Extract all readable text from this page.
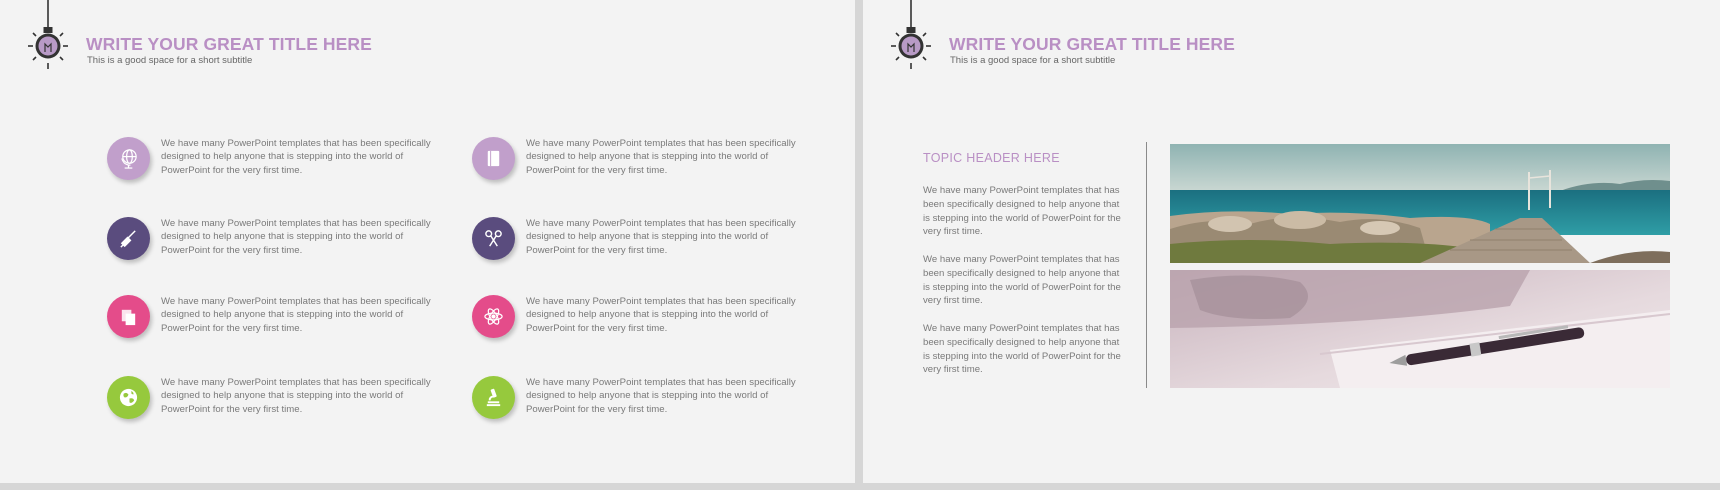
WRITE YOUR GREAT TITLE HERE
This is a good space for a short subtitle
We have many PowerPoint templates that has been specifically designed to help anyone that is stepping into the world of PowerPoint for the very first time.
We have many PowerPoint templates that has been specifically designed to help anyone that is stepping into the world of PowerPoint for the very first time.
We have many PowerPoint templates that has been specifically designed to help anyone that is stepping into the world of PowerPoint for the very first time.
We have many PowerPoint templates that has been specifically designed to help anyone that is stepping into the world of PowerPoint for the very first time.
We have many PowerPoint templates that has been specifically designed to help anyone that is stepping into the world of PowerPoint for the very first time.
We have many PowerPoint templates that has been specifically designed to help anyone that is stepping into the world of PowerPoint for the very first time.
We have many PowerPoint templates that has been specifically designed to help anyone that is stepping into the world of PowerPoint for the very first time.
We have many PowerPoint templates that has been specifically designed to help anyone that is stepping into the world of PowerPoint for the very first time.
WRITE YOUR GREAT TITLE HERE
This is a good space for a short subtitle
TOPIC HEADER HERE
We have many PowerPoint templates that has been specifically designed to help anyone that is stepping into the world of PowerPoint for the very first time.
We have many PowerPoint templates that has been specifically designed to help anyone that is stepping into the world of PowerPoint for the very first time.
We have many PowerPoint templates that has been specifically designed to help anyone that is stepping into the world of PowerPoint for the very first time.
